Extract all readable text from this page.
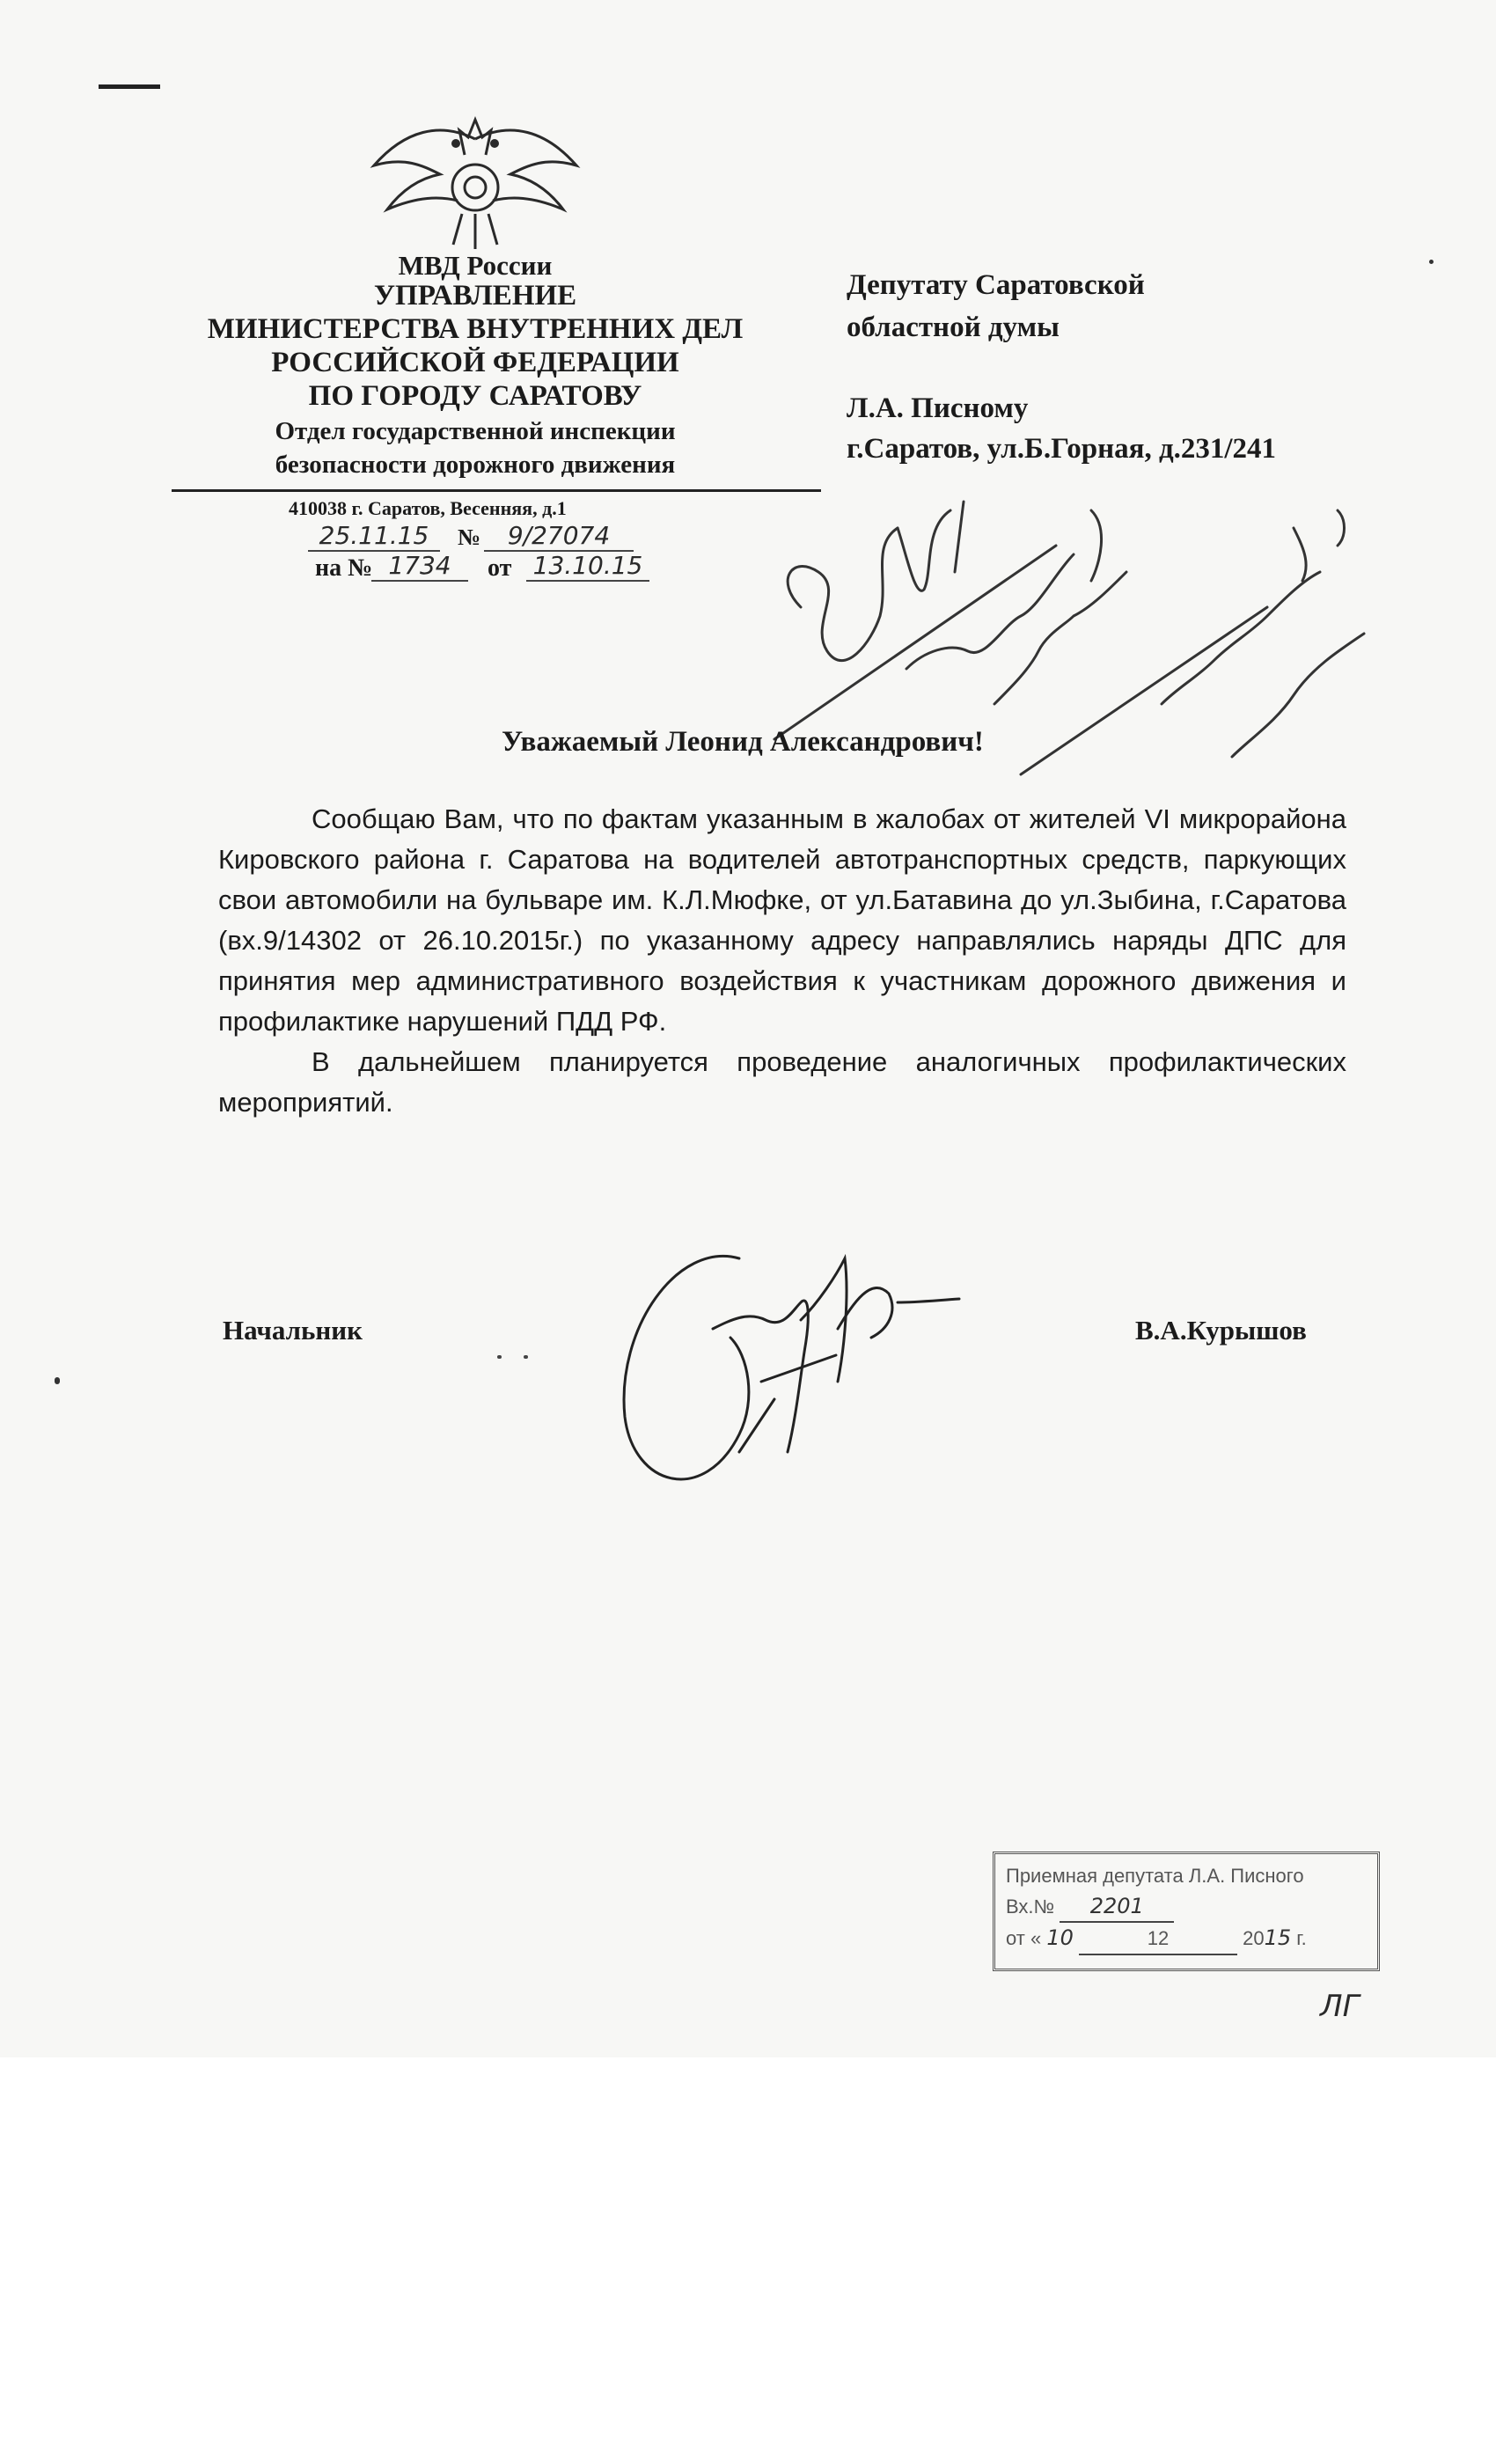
МВД России
УПРАВЛЕНИЕ
МИНИСТЕРСТВА ВНУТРЕННИХ ДЕЛ
РОССИЙСКОЙ ФЕДЕРАЦИИ
ПО ГОРОДУ САРАТОВУ
Отдел государственной инспекции
безопасности дорожного движения
410038 г. Саратов, Весенняя, д.1
25.11.15	№	9/27074
на № 1734	от 13.10.15
Депутату Саратовской
областной думы
Л.А. Писному
г.Саратов, ул.Б.Горная, д.231/241
Уважаемый Леонид Александрович!

Сообщаю Вам, что по фактам указанным в жалобах от жителей VI микрорайона Кировского района г. Саратова на водителей автотранспортных средств, паркующих свои автомобили на бульваре им. К.Л.Мюфке, от ул.Батавина до ул.Зыбина, г.Саратова (вх.9/14302 от 26.10.2015г.) по указанному адресу направлялись наряды ДПС для принятия мер административного воздействия к участникам дорожного движения и профилактике нарушений ПДД РФ.

В дальнейшем планируется проведение аналогичных профилактических мероприятий.

Начальник	В.А.Курышов
Приемная депутата Л.А. Писного
Вх.№ 2201
от « 10	12	2015 г.
ЛГ
